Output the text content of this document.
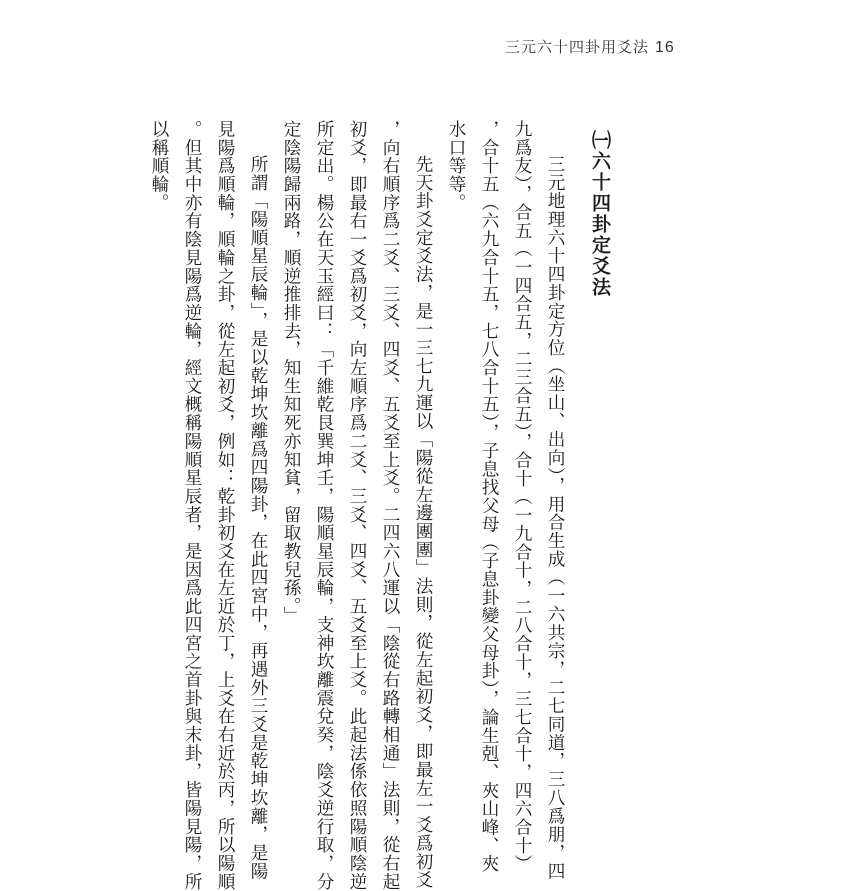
三元六十四卦用爻法 16
㈠六十四卦定爻法
三元地理六十四卦定方位（坐山、出向），用合生成（一六共宗，二七同道，三八爲朋，四
九爲友），合五（一四合五，二三合五），合十（一九合十，二八合十，三七合十，四六合十）
，合十五（六九合十五，七八合十五），子息找父母（子息卦變父母卦），論生剋、夾山峰、夾
水口等等。
先天卦爻定爻法，是一三七九運以「陽從左邊團團」法則，從左起初爻，即最左一爻爲初爻
，向右順序爲二爻、三爻、四爻、五爻至上爻。二四六八運以「陰從右路轉相通」法則，從右起
初爻，即最右一爻爲初爻，向左順序爲二爻、三爻、四爻、五爻至上爻。此起法係依照陽順陰逆
所定出。楊公在天玉經曰：「千維乾艮巽坤壬，陽順星辰輪，支神坎離震兌癸，陰爻逆行取，分
定陰陽歸兩路，順逆推排去，知生知死亦知貧，留取教兒孫。」
所謂「陽順星辰輪」，是以乾坤坎離爲四陽卦，在此四宮中，再遇外三爻是乾坤坎離，是陽
見陽爲順輪，順輪之卦，從左起初爻，例如：乾卦初爻在左近於丁，上爻在右近於丙，所以陽順
。但其中亦有陰見陽爲逆輪，經文概稱陽順星辰者，是因爲此四宮之首卦與末卦，皆陽見陽，所
以稱順輪。
